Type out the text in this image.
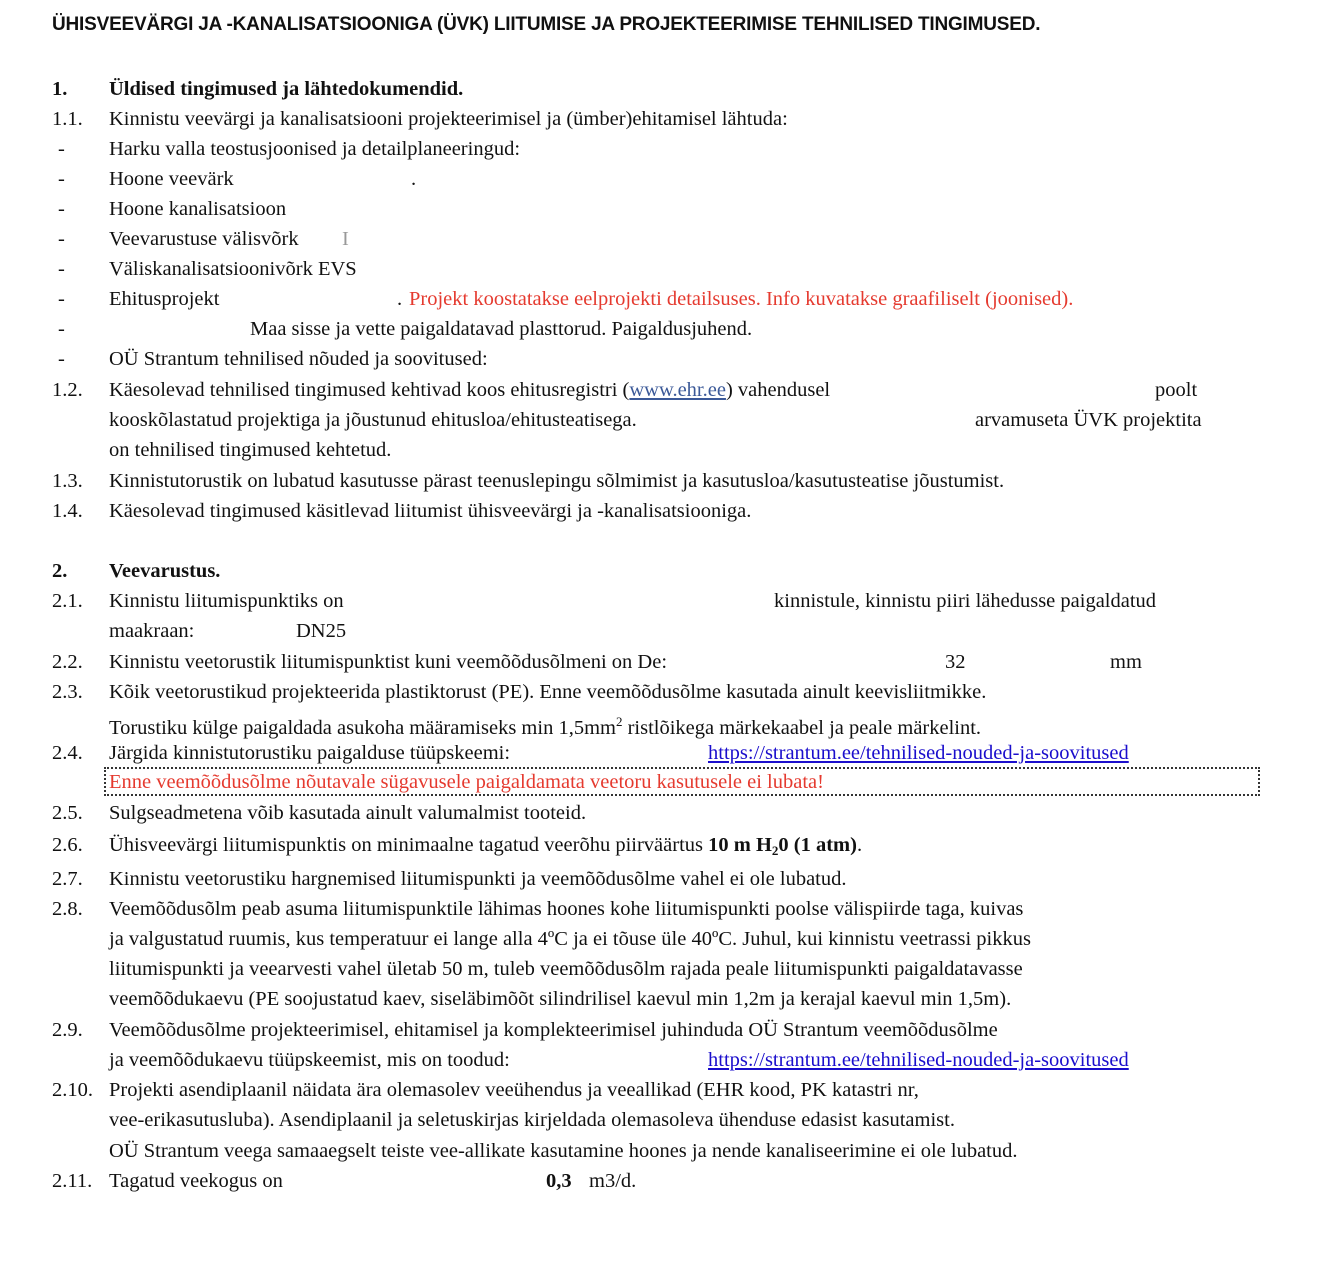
ÜHISVEEVÄRGI JA -KANALISATSIOONIGA (ÜVK) LIITUMISE JA PROJEKTEERIMISE TEHNILISED TINGIMUSED.
1. Üldised tingimused ja lähtedokumendid.
1.1. Kinnistu veevärgi ja kanalisatsiooni projekteerimisel ja (ümber)ehitamisel lähtuda:
- Harku valla teostusjoonised ja detailplaneeringud:
- Hoone veevärk	.
- Hoone kanalisatsioon
- Veevarustuse välisvõrk I
- Väliskanalisatsioonivõrk EVS
- Ehitusprojekt	. Projekt koostatakse eelprojekti detailsuses. Info kuvatakse graafiliselt (joonised).
-	Maa sisse ja vette paigaldatavad plasttorud. Paigaldusjuhend.
- OÜ Strantum tehnilised nõuded ja soovitused:
1.2. Käesolevad tehnilised tingimused kehtivad koos ehitusregistri (www.ehr.ee) vahendusel	poolt
kooskõlastatud projektiga ja jõustunud ehitusloa/ehitusteatisega.	arvamuseta ÜVK projektita
on tehnilised tingimused kehtetud.
1.3. Kinnistutorustik on lubatud kasutusse pärast teenuslepingu sõlmimist ja kasutusloa/kasutusteatise jõustumist.
1.4. Käesolevad tingimused käsitlevad liitumist ühisveevärgi ja -kanalisatsiooniga.
2. Veevarustus.
2.1. Kinnistu liitumispunktiks on	kinnistule, kinnistu piiri lähedusse paigaldatud
maakraan:	DN25
2.2. Kinnistu veetorustik liitumispunktist kuni veemõõdusõlmeni on De:	32	mm
2.3. Kõik veetorustikud projekteerida plastiktorust (PE). Enne veemõõdusõlme kasutada ainult keevisliitmikke.
Torustiku külge paigaldada asukoha määramiseks $\min 1,5mm^2$ ristlõikega märkekaabel ja peale märkelint.
2.4. Järgida kinnistutorustiku paigalduse tüüpskeemi:	https://strantum.ee/tehnilised-nouded-ja-soovitused
Enne veemõõdusõlme nõutavale sügavusele paigaldamata veetoru kasutusele ei lubata!
2.5. Sulgseadmetena võib kasutada ainult valumalmist tooteid.
2.6. Ühisveevärgi liitumispunktis on minimaalne tagatud veerõhu piirväärtus 10 m $H_20$ (1 atm).
2.7. Kinnistu veetorustiku hargnemised liitumispunkti ja veemõõdusõlme vahel ei ole lubatud.
2.8. Veemõõdusõlm peab asuma liitumispunktile lähimas hoones kohe liitumispunkti poolse välispiirde taga, kuivas
ja valgustatud ruumis, kus temperatuur ei lange alla 4ºC ja ei tõuse üle 40ºC. Juhul, kui kinnistu veetrassi pikkus
liitumispunkti ja veearvesti vahel ületab 50 m, tuleb veemõõdusõlm rajada peale liitumispunkti paigaldatavasse
veemõõdukaevu (PE soojustatud kaev, siseläbimõõt silindrilisel kaevul min 1,2m ja kerajal kaevul min 1,5m).
2.9. Veemõõdusõlme projekteerimisel, ehitamisel ja komplekteerimisel juhinduda OÜ Strantum veemõõdusõlme
ja veemõõdukaevu tüüpskeemist, mis on toodud:	https://strantum.ee/tehnilised-nouded-ja-soovitused
2.10. Projekti asendiplaanil näidata ära olemasolev veeühendus ja veeallikad (EHR kood, PK katastri nr,
vee-erikasutusluba). Asendiplaanil ja seletuskirjas kirjeldada olemasoleva ühenduse edasist kasutamist.
OÜ Strantum veega samaaegselt teiste vee-allikate kasutamine hoones ja nende kanaliseerimine ei ole lubatud.
2.11. Tagatud veekogus on	0,3 m3/d.
